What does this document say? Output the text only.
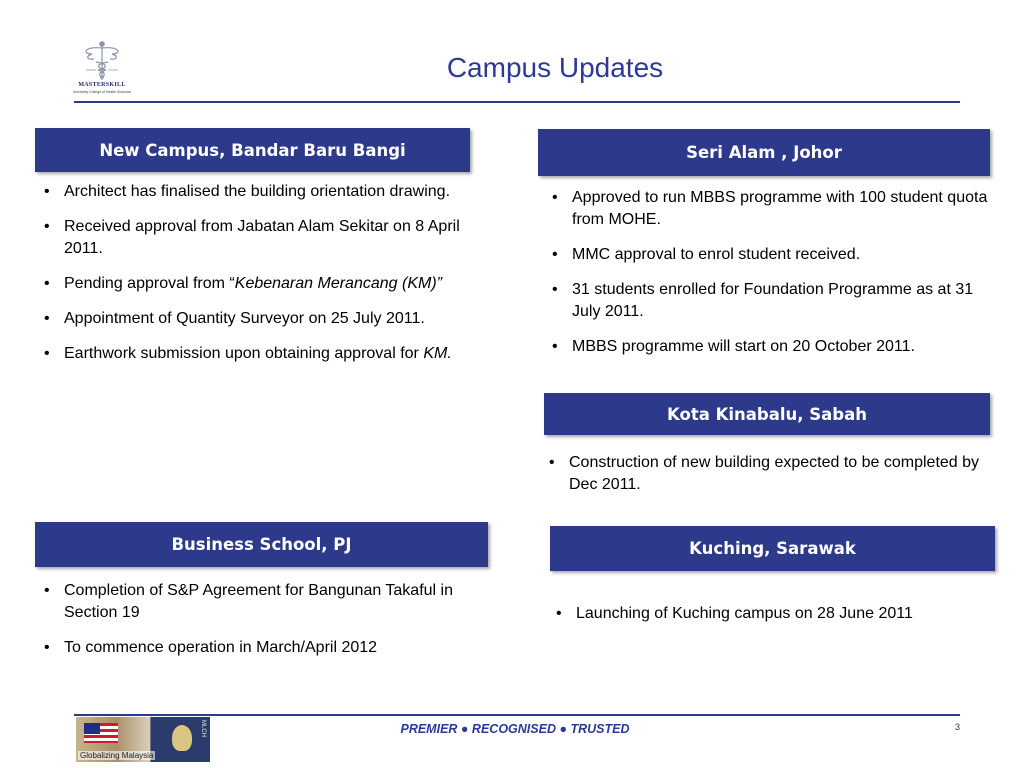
MASTERSKILL
University College of Health Sciences
Campus Updates
New Campus, Bandar Baru Bangi
• Architect has finalised the building orientation drawing.
• Received approval from Jabatan Alam Sekitar on 8 April 2011.
• Pending approval from “Kebenaran Merancang (KM)”
• Appointment of Quantity Surveyor on 25 July 2011.
• Earthwork submission upon obtaining approval for KM.
Seri Alam , Johor
• Approved to run MBBS programme with 100 student quota from MOHE.
• MMC approval to enrol student received.
• 31 students enrolled for Foundation Programme as at 31 July 2011.
• MBBS programme will start on 20 October 2011.
Kota Kinabalu, Sabah
• Construction of new building expected to be completed by Dec 2011.
Business School, PJ
• Completion of S&P Agreement for Bangunan Takaful in Section 19
• To commence operation in March/April 2012
Kuching, Sarawak
• Launching of Kuching campus on 28 June 2011
MLCH
Globalizing Malaysia
PREMIER ● RECOGNISED ● TRUSTED	3
